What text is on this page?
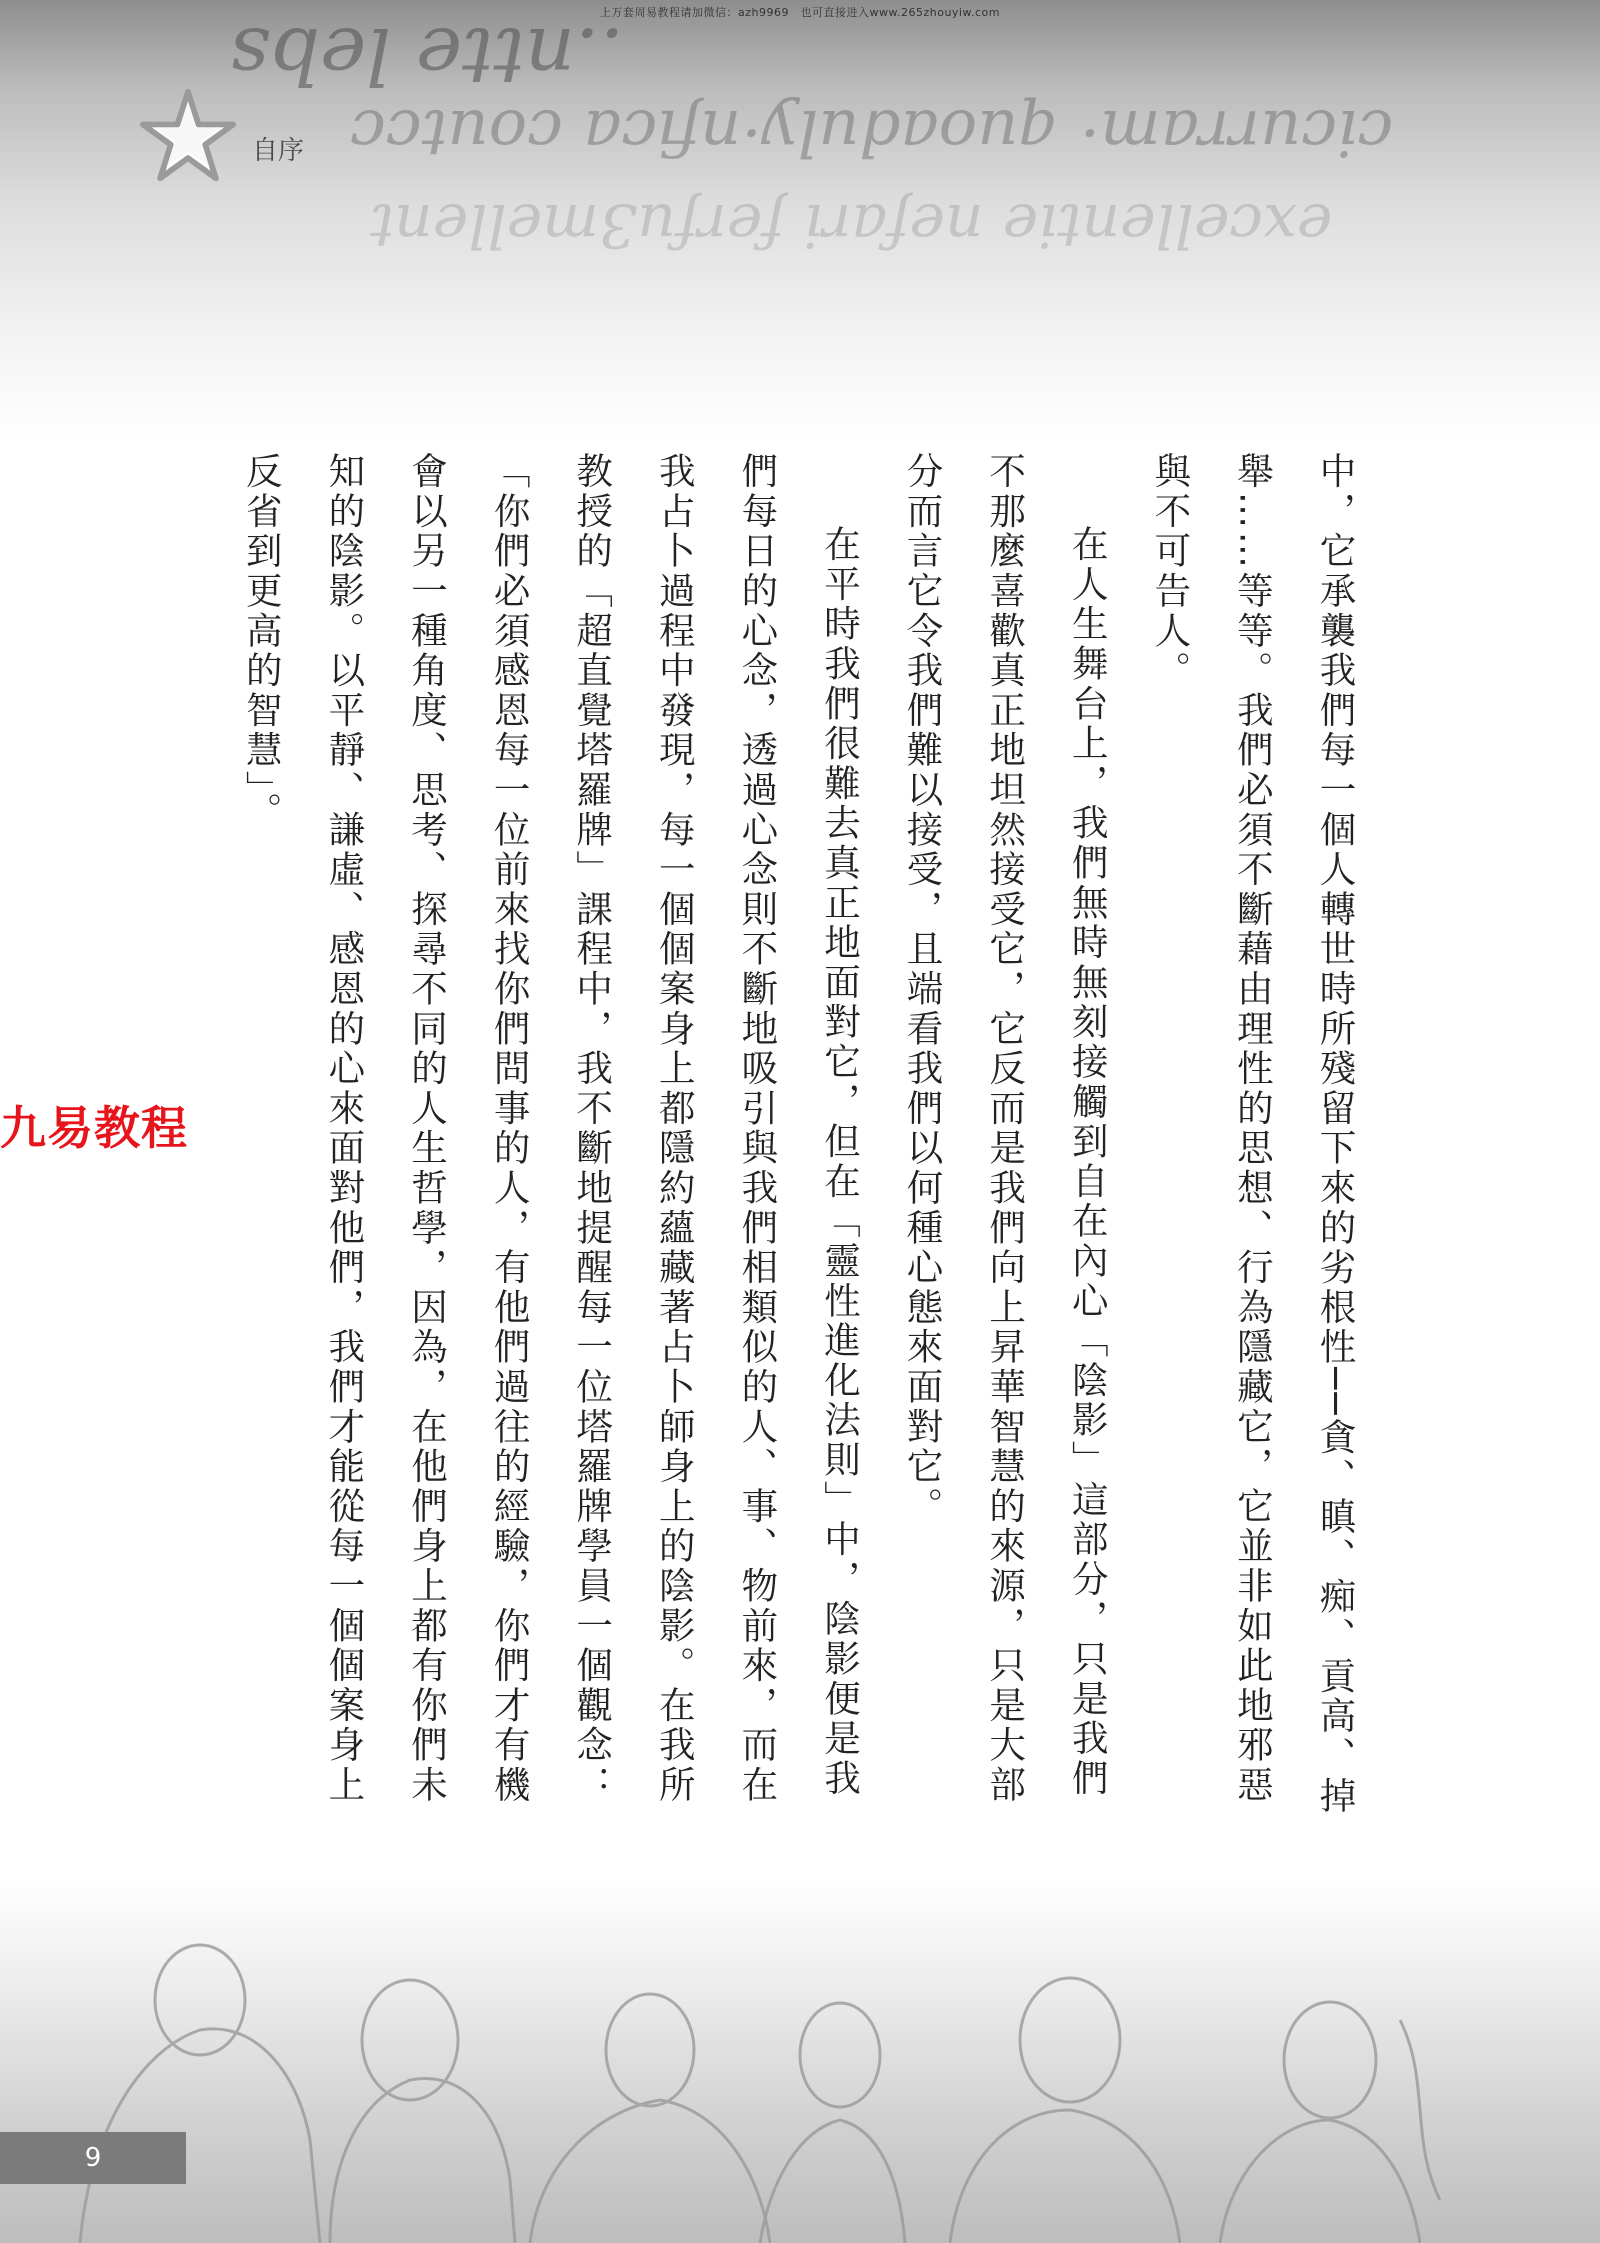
..ntte lebs
cicurram· quoaduly·nfica coutcc
excellentie nefari ferfu3mellent
上万套周易教程请加微信：azh9969　也可直接进入www.265zhouyiw.com
自序

中，它承襲我們每一個人轉世時所殘留下來的劣根性──貪、瞋、痴、貢高、掉舉……等等。我們必須不斷藉由理性的思想、行為隱藏它，它並非如此地邪惡與不可告人。

在人生舞台上，我們無時無刻接觸到自在內心「陰影」這部分，只是我們不那麼喜歡真正地坦然接受它，它反而是我們向上昇華智慧的來源，只是大部分而言它令我們難以接受，且端看我們以何種心態來面對它。

在平時我們很難去真正地面對它，但在「靈性進化法則」中，陰影便是我們每日的心念，透過心念則不斷地吸引與我們相類似的人、事、物前來，而在我占卜過程中發現，每一個個案身上都隱約蘊藏著占卜師身上的陰影。在我所教授的「超直覺塔羅牌」課程中，我不斷地提醒每一位塔羅牌學員一個觀念：「你們必須感恩每一位前來找你們問事的人，有他們過往的經驗，你們才有機會以另一種角度、思考、探尋不同的人生哲學，因為，在他們身上都有你們未知的陰影。以平靜、謙虛、感恩的心來面對他們，我們才能從每一個個案身上反省到更高的智慧」。

九易教程
9
